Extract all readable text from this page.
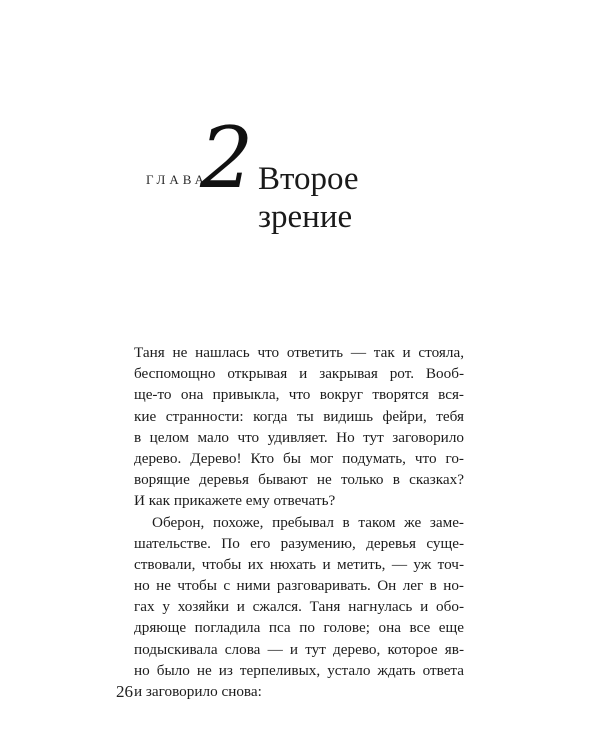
ГЛАВА
2 Второе
зрение
Таня не нашлась что ответить — так и стояла,
беспомощно открывая и закрывая рот. Вооб-
ще-то она привыкла, что вокруг творятся вся-
кие странности: когда ты видишь фейри, тебя
в целом мало что удивляет. Но тут заговорило
дерево. Дерево! Кто бы мог подумать, что го-
ворящие деревья бывают не только в сказках?
И как прикажете ему отвечать?
Оберон, похоже, пребывал в таком же заме-
шательстве. По его разумению, деревья суще-
ствовали, чтобы их нюхать и метить, — уж точ-
но не чтобы с ними разговаривать. Он лег в но-
гах у хозяйки и сжался. Таня нагнулась и обо-
дряюще погладила пса по голове; она все еще
подыскивала слова — и тут дерево, которое яв-
но было не из терпеливых, устало ждать ответа
и заговорило снова:
26
